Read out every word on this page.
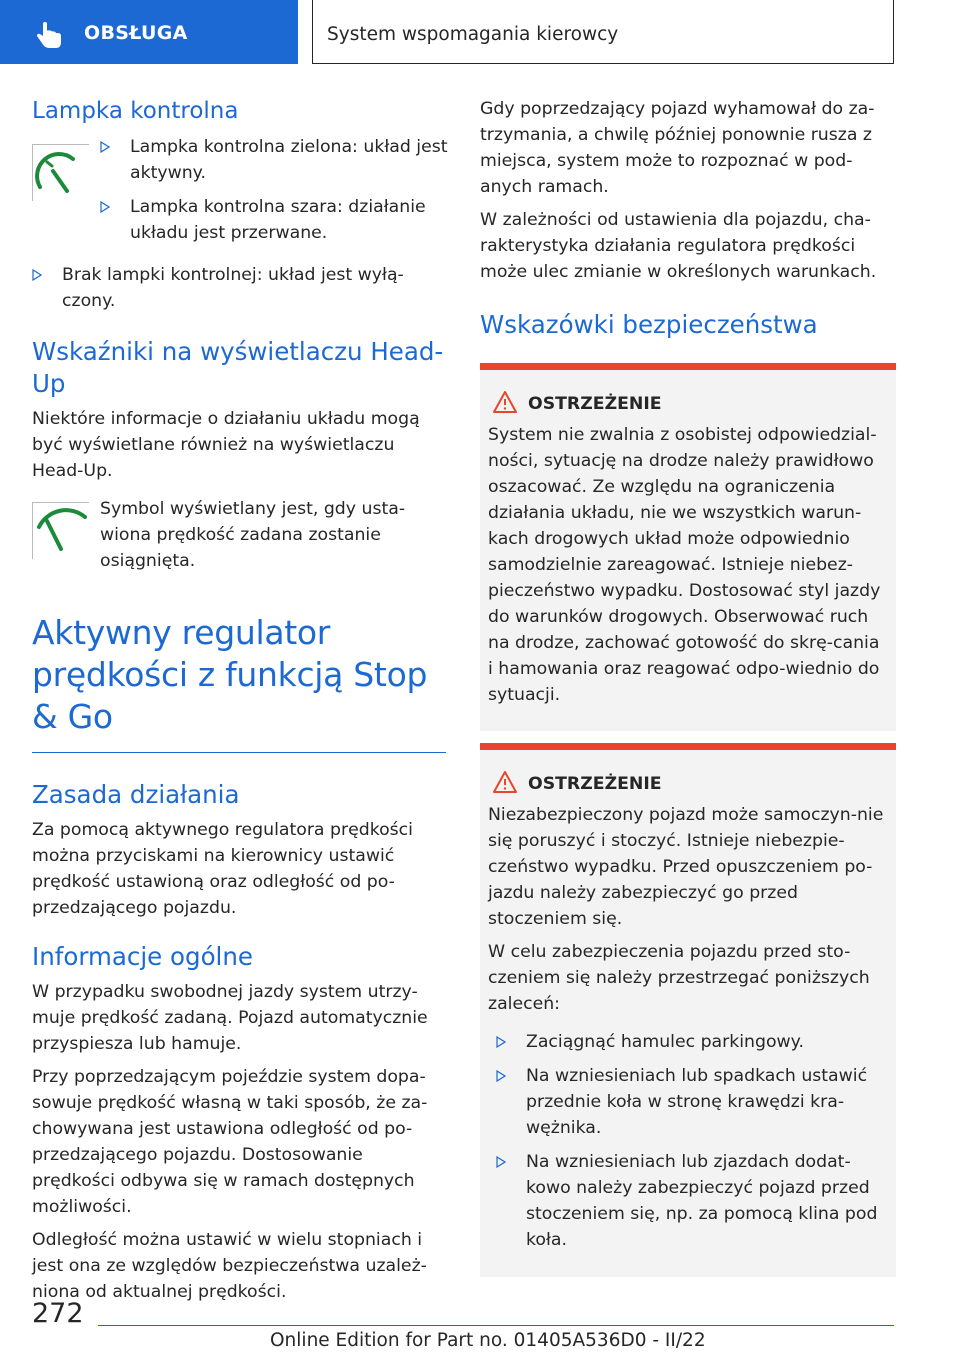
OBSŁUGA	System wspomagania kierowcy
Lampka kontrolna
Lampka kontrolna zielona: układ jest aktywny.
Lampka kontrolna szara: działanie układu jest przerwane.
Brak lampki kontrolnej: układ jest wyłą-czony.
Wskaźniki na wyświetlaczu Head-Up
Niektóre informacje o działaniu układu mogą być wyświetlane również na wyświetlaczu Head-Up.
Symbol wyświetlany jest, gdy usta-wiona prędkość zadana zostanie osiągnięta.
Aktywny regulator prędkości z funkcją Stop & Go
Zasada działania
Za pomocą aktywnego regulatora prędkości można przyciskami na kierownicy ustawić prędkość ustawioną oraz odległość od po-przedzającego pojazdu.
Informacje ogólne
W przypadku swobodnej jazdy system utrzy-muje prędkość zadaną. Pojazd automatycznie przyspiesza lub hamuje.
Przy poprzedzającym pojeździe system dopa-sowuje prędkość własną w taki sposób, że za-chowywana jest ustawiona odległość od po-przedzającego pojazdu. Dostosowanie prędkości odbywa się w ramach dostępnych możliwości.
Odległość można ustawić w wielu stopniach i jest ona ze względów bezpieczeństwa uzależ-niona od aktualnej prędkości.
Gdy poprzedzający pojazd wyhamował do za-trzymania, a chwilę później ponownie rusza z miejsca, system może to rozpoznać w pod-anych ramach.
W zależności od ustawienia dla pojazdu, cha-rakterystyka działania regulatora prędkości może ulec zmianie w określonych warunkach.
Wskazówki bezpieczeństwa
OSTRZEŻENIE
System nie zwalnia z osobistej odpowiedzial-ności, sytuację na drodze należy prawidłowo oszacować. Ze względu na ograniczenia działania układu, nie we wszystkich warun-kach drogowych układ może odpowiednio samodzielnie zareagować. Istnieje niebez-pieczeństwo wypadku. Dostosować styl jazdy do warunków drogowych. Obserwować ruch na drodze, zachować gotowość do skrę-cania i hamowania oraz reagować odpo-wiednio do sytuacji.
OSTRZEŻENIE
Niezabezpieczony pojazd może samoczyn-nie się poruszyć i stoczyć. Istnieje niebezpie-czeństwo wypadku. Przed opuszczeniem po-jazdu należy zabezpieczyć go przed stoczeniem się.
W celu zabezpieczenia pojazdu przed sto-czeniem się należy przestrzegać poniższych zaleceń:
Zaciągnąć hamulec parkingowy.
Na wzniesieniach lub spadkach ustawić przednie koła w stronę krawędzi kra-wężnika.
Na wzniesieniach lub zjazdach dodat-kowo należy zabezpieczyć pojazd przed stoczeniem się, np. za pomocą klina pod koła.
272
Online Edition for Part no. 01405A536D0 - II/22
